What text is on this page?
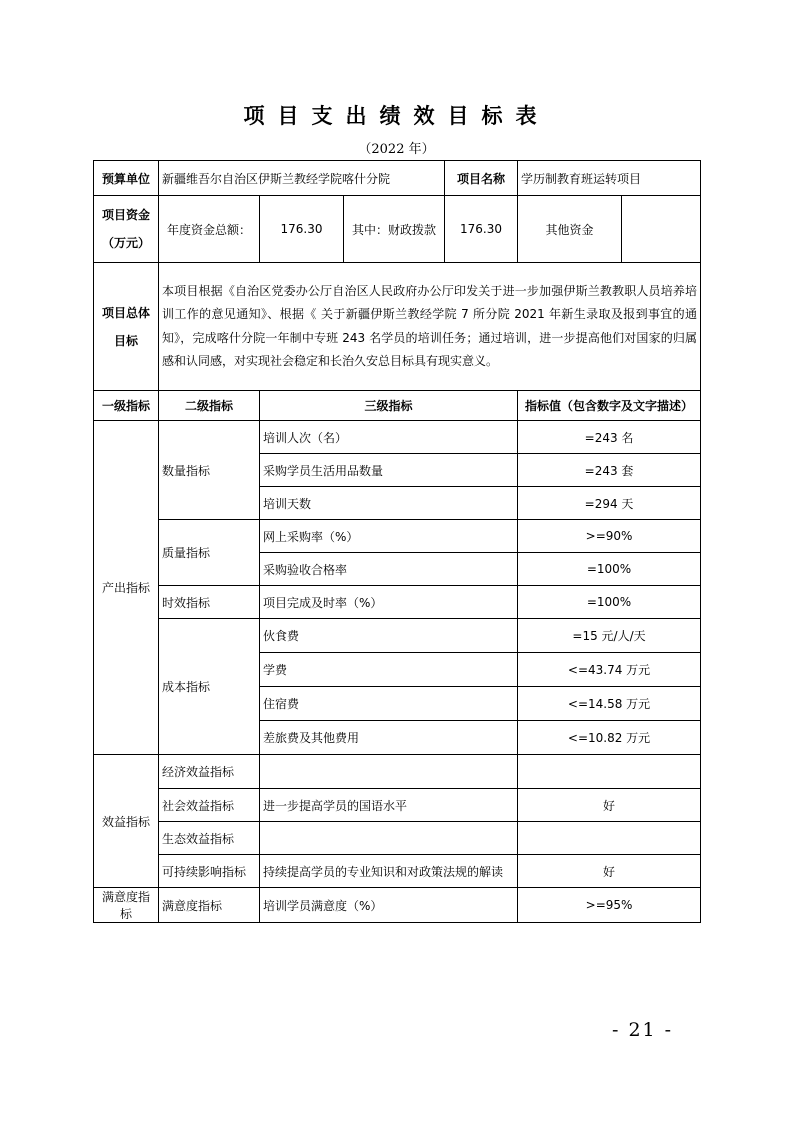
项目支出绩效目标表
（2022 年）
预算单位	新疆维吾尔自治区伊斯兰教经学院喀什分院			项目名称	学历制教育班运转项目	
项目资金（万元）	年度资金总额：	176.30	其中：财政拨款	176.30	其他资金	
项目总体目标	本项目根据《自治区党委办公厅自治区人民政府办公厅印发关于进一步加强伊斯兰教教职人员培养培训工作的意见通知》、根据《 关于新疆伊斯兰教经学院 7 所分院 2021 年新生录取及报到事宜的通知》，完成喀什分院一年制中专班 243 名学员的培训任务；通过培训，进一步提高他们对国家的归属感和认同感，对实现社会稳定和长治久安总目标具有现实意义。					
一级指标	二级指标	三级指标			指标值（包含数字及文字描述）	
产出指标	数量指标	培训人次（名）			=243 名	
		采购学员生活用品数量			=243 套	
		培训天数			=294 天	
	质量指标	网上采购率（%）			>=90%	
		采购验收合格率			=100%	
	时效指标	项目完成及时率（%）			=100%	
	成本指标	伙食费			=15 元/人/天	
		学费			<=43.74 万元	
		住宿费			<=14.58 万元	
		差旅费及其他费用			<=10.82 万元	
效益指标	经济效益指标					
	社会效益指标	进一步提高学员的国语水平			好	
	生态效益指标					
	可持续影响指标	持续提高学员的专业知识和对政策法规的解读			好	
满意度指标	满意度指标	培训学员满意度（%）			>=95%	
- 21 -
